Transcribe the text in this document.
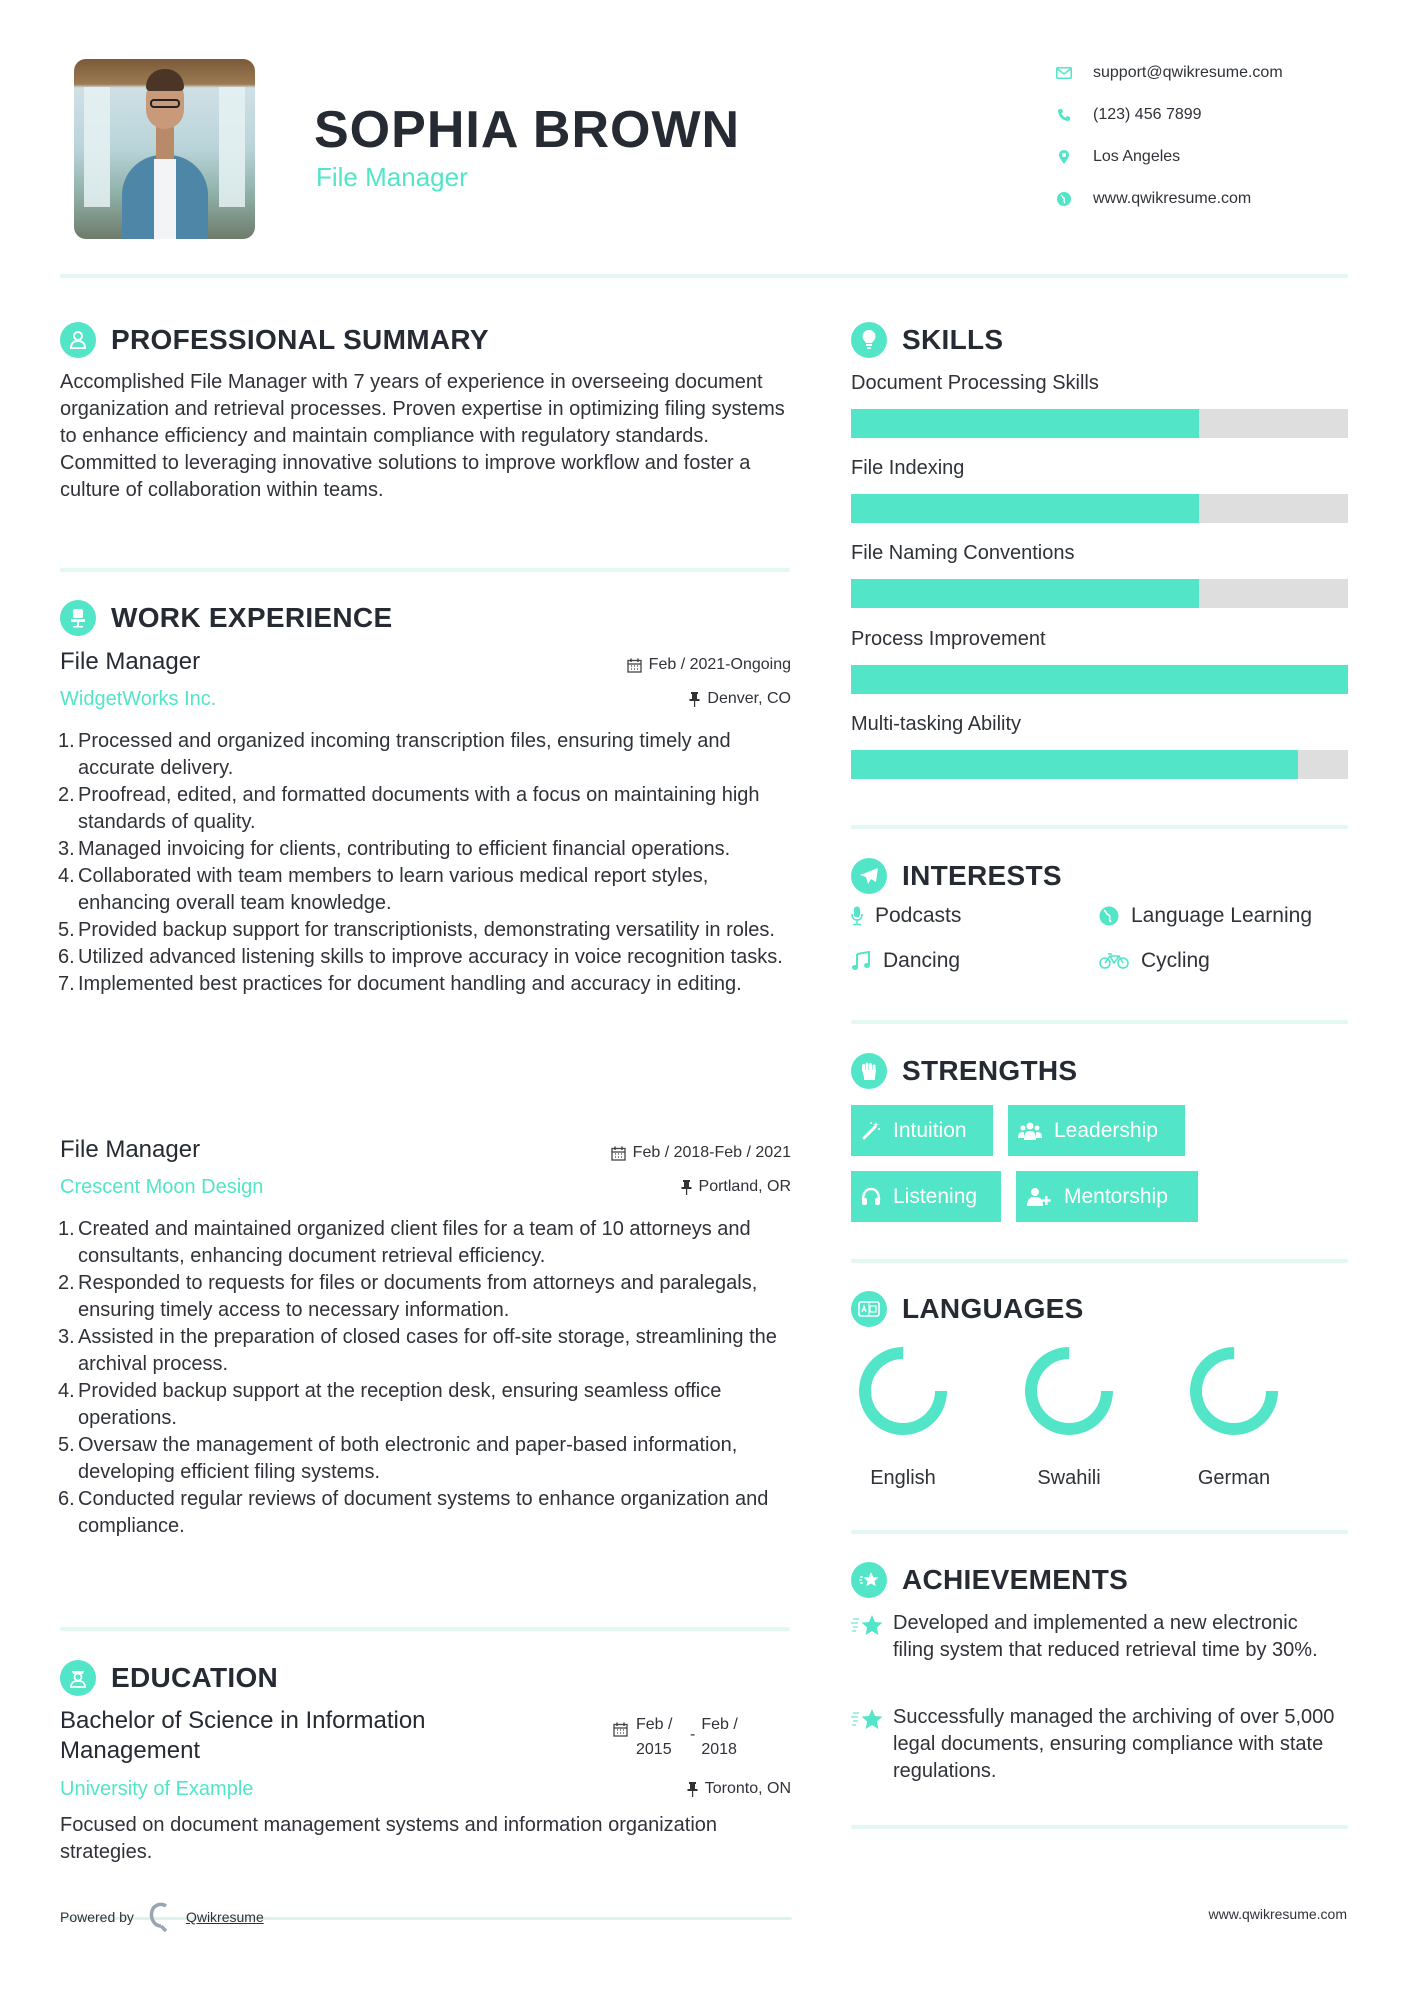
SOPHIA BROWN
File Manager
support@qwikresume.com
(123) 456 7899
Los Angeles
www.qwikresume.com
PROFESSIONAL SUMMARY
Accomplished File Manager with 7 years of experience in overseeing document organization and retrieval processes. Proven expertise in optimizing filing systems to enhance efficiency and maintain compliance with regulatory standards. Committed to leveraging innovative solutions to improve workflow and foster a culture of collaboration within teams.
WORK EXPERIENCE
File Manager	Feb / 2021-Ongoing
WidgetWorks Inc.	Denver, CO
Processed and organized incoming transcription files, ensuring timely and accurate delivery.
Proofread, edited, and formatted documents with a focus on maintaining high standards of quality.
Managed invoicing for clients, contributing to efficient financial operations.
Collaborated with team members to learn various medical report styles, enhancing overall team knowledge.
Provided backup support for transcriptionists, demonstrating versatility in roles.
Utilized advanced listening skills to improve accuracy in voice recognition tasks.
Implemented best practices for document handling and accuracy in editing.
File Manager	Feb / 2018-Feb / 2021
Crescent Moon Design	Portland, OR
Created and maintained organized client files for a team of 10 attorneys and consultants, enhancing document retrieval efficiency.
Responded to requests for files or documents from attorneys and paralegals, ensuring timely access to necessary information.
Assisted in the preparation of closed cases for off-site storage, streamlining the archival process.
Provided backup support at the reception desk, ensuring seamless office operations.
Oversaw the management of both electronic and paper-based information, developing efficient filing systems.
Conducted regular reviews of document systems to enhance organization and compliance.
EDUCATION
Bachelor of Science in Information Management
Feb / 2015
-
Feb / 2018
University of Example	Toronto, ON
Focused on document management systems and information organization strategies.
SKILLS
Document Processing Skills
File Indexing
File Naming Conventions
Process Improvement
Multi-tasking Ability
INTERESTS
Podcasts	Language Learning
Dancing	Cycling
STRENGTHS
Intuition	Leadership
Listening	Mentorship
LANGUAGES
English	Swahili	German
ACHIEVEMENTS
Developed and implemented a new electronic filing system that reduced retrieval time by 30%.
Successfully managed the archiving of over 5,000 legal documents, ensuring compliance with state regulations.
Powered by	Qwikresume	www.qwikresume.com
